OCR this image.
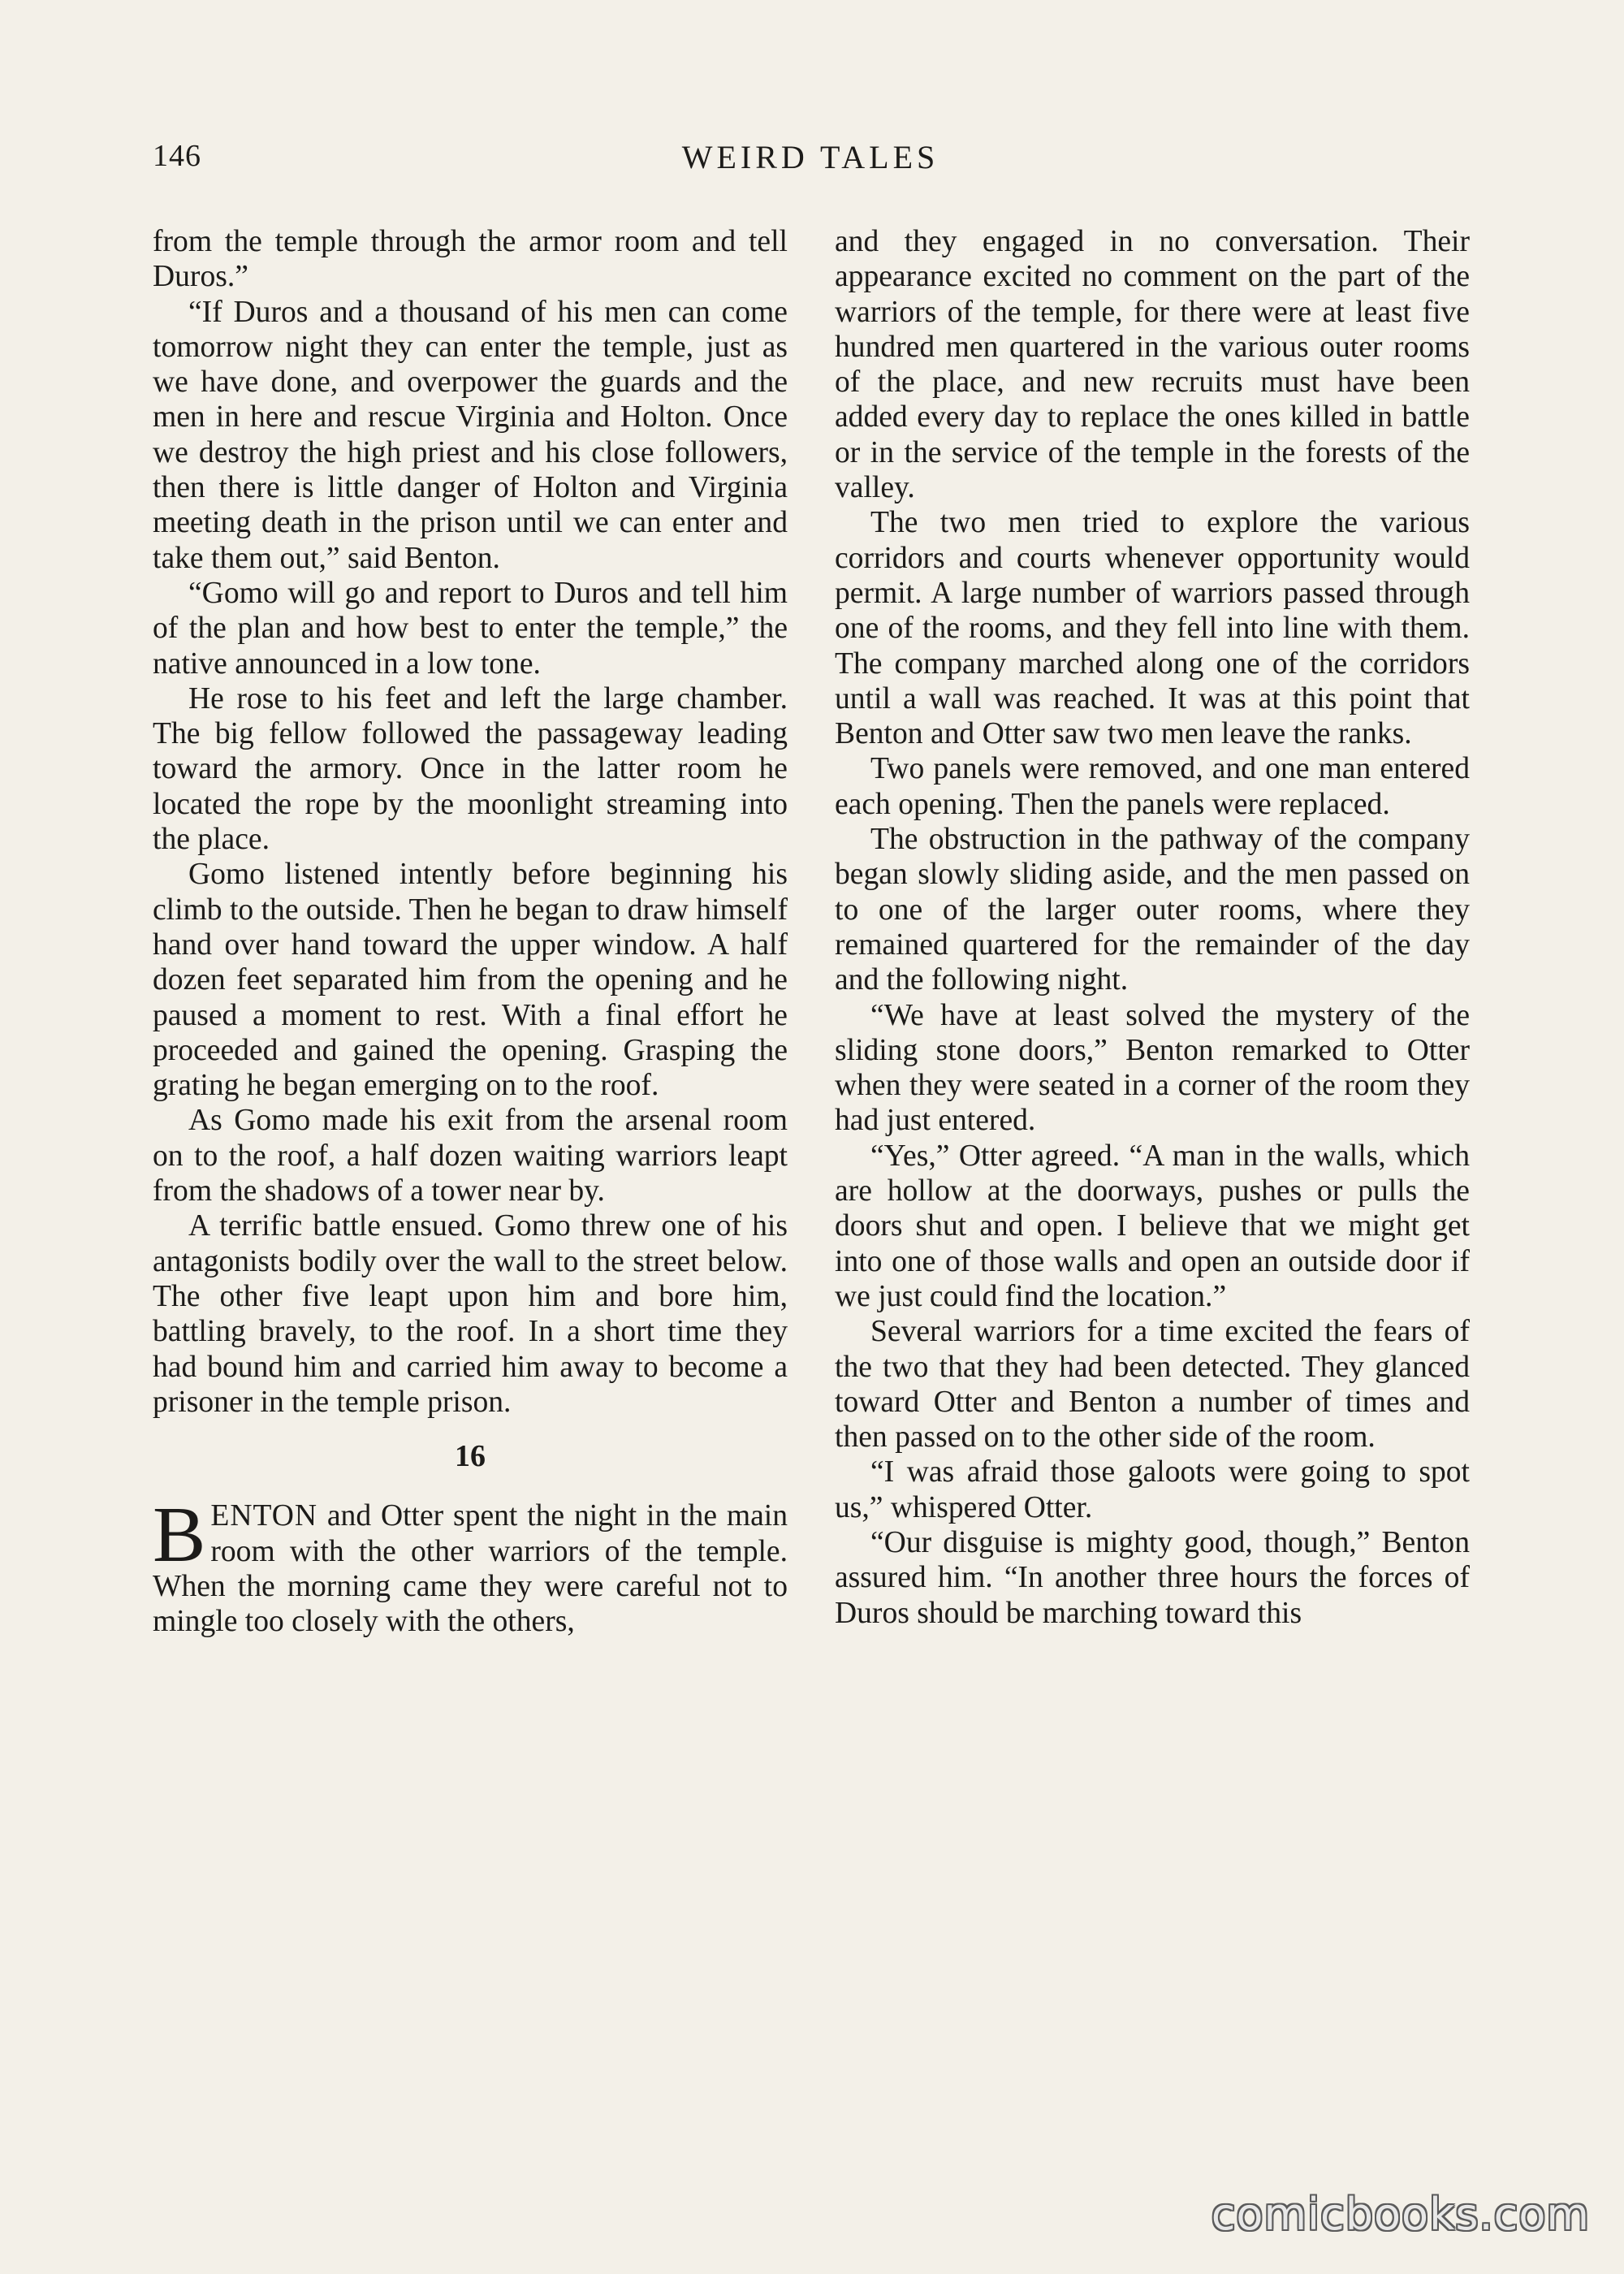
146	WEIRD TALES

from the temple through the armor room and tell Duros.”

“If Duros and a thousand of his men can come tomorrow night they can enter the temple, just as we have done, and overpower the guards and the men in here and rescue Virginia and Holton. Once we destroy the high priest and his close followers, then there is little danger of Holton and Virginia meeting death in the prison until we can enter and take them out,” said Benton.

“Gomo will go and report to Duros and tell him of the plan and how best to enter the temple,” the native announced in a low tone.

He rose to his feet and left the large chamber. The big fellow followed the passageway leading toward the armory. Once in the latter room he located the rope by the moonlight streaming into the place.

Gomo listened intently before beginning his climb to the outside. Then he began to draw himself hand over hand toward the upper window. A half dozen feet separated him from the opening and he paused a moment to rest. With a final effort he proceeded and gained the opening. Grasping the grating he began emerging on to the roof.

As Gomo made his exit from the arsenal room on to the roof, a half dozen waiting warriors leapt from the shadows of a tower near by.

A terrific battle ensued. Gomo threw one of his antagonists bodily over the wall to the street below. The other five leapt upon him and bore him, battling bravely, to the roof. In a short time they had bound him and carried him away to become a prisoner in the temple prison.

16

BENTON and Otter spent the night in the main room with the other warriors of the temple. When the morning came they were careful not to mingle too closely with the others,

and they engaged in no conversation. Their appearance excited no comment on the part of the warriors of the temple, for there were at least five hundred men quartered in the various outer rooms of the place, and new recruits must have been added every day to replace the ones killed in battle or in the service of the temple in the forests of the valley.

The two men tried to explore the various corridors and courts whenever opportunity would permit. A large number of warriors passed through one of the rooms, and they fell into line with them. The company marched along one of the corridors until a wall was reached. It was at this point that Benton and Otter saw two men leave the ranks.

Two panels were removed, and one man entered each opening. Then the panels were replaced.

The obstruction in the pathway of the company began slowly sliding aside, and the men passed on to one of the larger outer rooms, where they remained quartered for the remainder of the day and the following night.

“We have at least solved the mystery of the sliding stone doors,” Benton remarked to Otter when they were seated in a corner of the room they had just entered.

“Yes,” Otter agreed. “A man in the walls, which are hollow at the doorways, pushes or pulls the doors shut and open. I believe that we might get into one of those walls and open an outside door if we just could find the location.”

Several warriors for a time excited the fears of the two that they had been detected. They glanced toward Otter and Benton a number of times and then passed on to the other side of the room.

“I was afraid those galoots were going to spot us,” whispered Otter.

“Our disguise is mighty good, though,” Benton assured him. “In another three hours the forces of Duros should be marching toward this

comicbooks.com
